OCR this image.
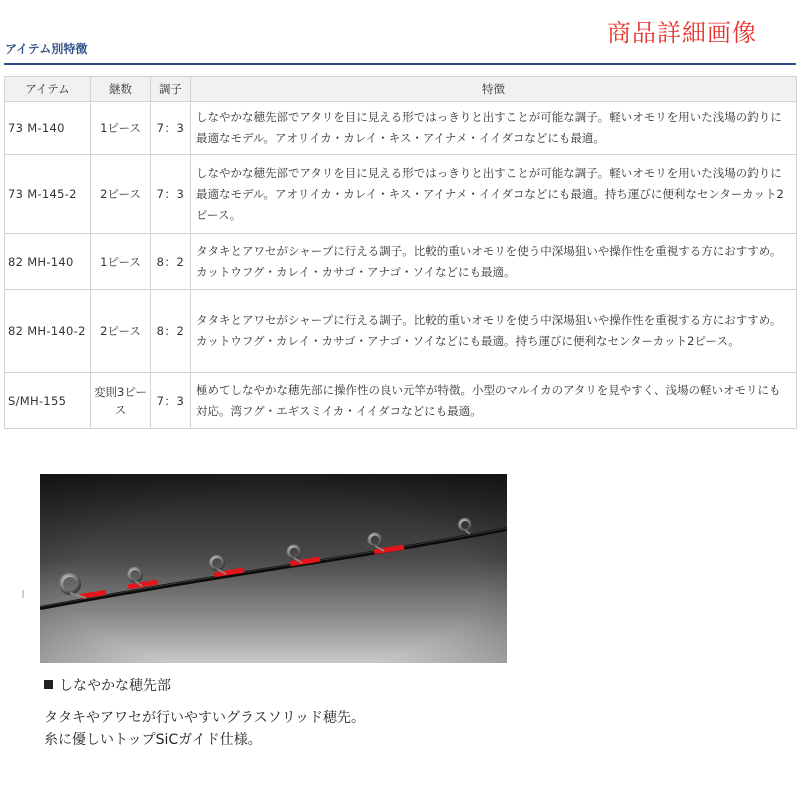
商品詳細画像
アイテム別特徴
アイテム	継数	調子	特徴
73 M-140	1ピース	7：3	しなやかな穂先部でアタリを目に見える形ではっきりと出すことが可能な調子。軽いオモリを用いた浅場の釣りに最適なモデル。アオリイカ・カレイ・キス・アイナメ・イイダコなどにも最適。
73 M-145-2	2ピース	7：3	しなやかな穂先部でアタリを目に見える形ではっきりと出すことが可能な調子。軽いオモリを用いた浅場の釣りに最適なモデル。アオリイカ・カレイ・キス・アイナメ・イイダコなどにも最適。持ち運びに便利なセンターカット2ピース。
82 MH-140	1ピース	8：2	タタキとアワセがシャープに行える調子。比較的重いオモリを使う中深場狙いや操作性を重視する方におすすめ。カットウフグ・カレイ・カサゴ・アナゴ・ソイなどにも最適。
82 MH-140-2	2ピース	8：2	タタキとアワセがシャープに行える調子。比較的重いオモリを使う中深場狙いや操作性を重視する方におすすめ。カットウフグ・カレイ・カサゴ・アナゴ・ソイなどにも最適。持ち運びに便利なセンターカット2ピース。
S/MH-155	変則3ピース	7：3	極めてしなやかな穂先部に操作性の良い元竿が特徴。小型のマルイカのアタリを見やすく、浅場の軽いオモリにも対応。湾フグ・エギスミイカ・イイダコなどにも最適。
しなやかな穂先部
タタキやアワセが行いやすいグラスソリッド穂先。
糸に優しいトップSiCガイド仕様。
